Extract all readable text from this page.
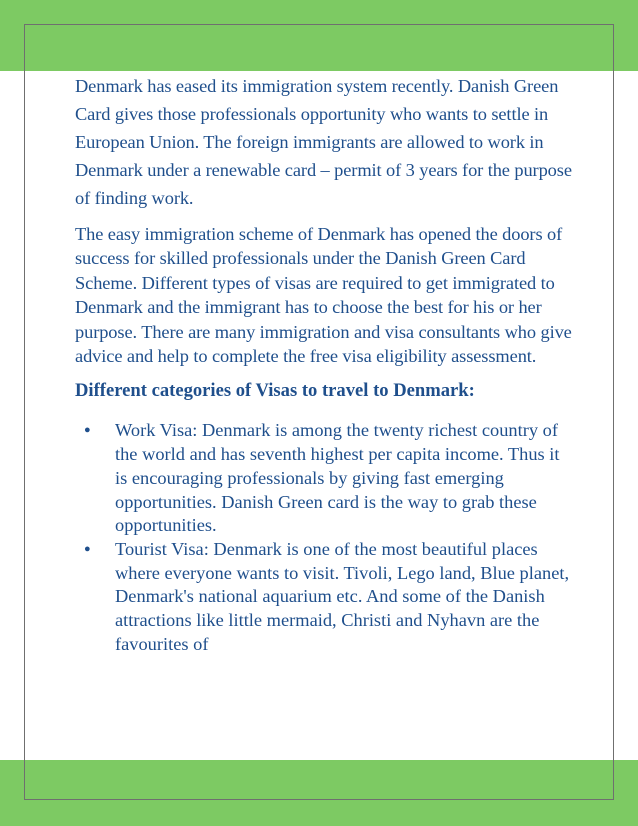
Denmark has eased its immigration system recently. Danish Green Card gives those professionals opportunity who wants to settle in European Union. The foreign immigrants are allowed to work in Denmark under a renewable card – permit of 3 years for the purpose of finding work.

The easy immigration scheme of Denmark has opened the doors of success for skilled professionals under the Danish Green Card Scheme. Different types of visas are required to get immigrated to Denmark and the immigrant has to choose the best for his or her purpose. There are many immigration and visa consultants who give advice and help to complete the free visa eligibility assessment.

Different categories of Visas to travel to Denmark:
● Work Visa: Denmark is among the twenty richest country of the world and has seventh highest per capita income. Thus it is encouraging professionals by giving fast emerging opportunities. Danish Green card is the way to grab these opportunities.
● Tourist Visa: Denmark is one of the most beautiful places where everyone wants to visit. Tivoli, Lego land, Blue planet, Denmark's national aquarium etc. And some of the Danish attractions like little mermaid, Christi and Nyhavn are the favourites of
